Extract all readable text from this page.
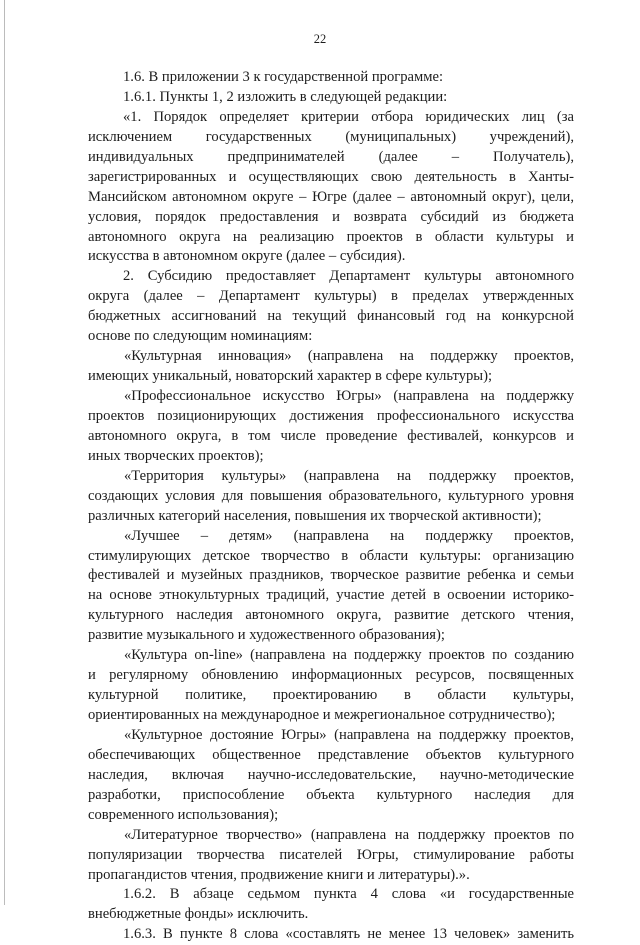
22
1.6. В приложении 3 к государственной программе:
1.6.1. Пункты 1, 2 изложить в следующей редакции:
«1. Порядок определяет критерии отбора юридических лиц (за
исключением государственных (муниципальных) учреждений),
индивидуальных предпринимателей (далее – Получатель),
зарегистрированных и осуществляющих свою деятельность в Ханты-
Мансийском автономном округе – Югре (далее – автономный округ), цели,
условия, порядок предоставления и возврата субсидий из бюджета
автономного округа на реализацию проектов в области культуры и
искусства в автономном округе (далее – субсидия).
2. Субсидию предоставляет Департамент культуры автономного
округа (далее – Департамент культуры) в пределах утвержденных
бюджетных ассигнований на текущий финансовый год на конкурсной
основе по следующим номинациям:
«Культурная инновация» (направлена на поддержку проектов,
имеющих уникальный, новаторский характер в сфере культуры);
«Профессиональное искусство Югры» (направлена на поддержку
проектов позиционирующих достижения профессионального искусства
автономного округа, в том числе проведение фестивалей, конкурсов и
иных творческих проектов);
«Территория культуры» (направлена на поддержку проектов,
создающих условия для повышения образовательного, культурного уровня
различных категорий населения, повышения их творческой активности);
«Лучшее – детям» (направлена на поддержку проектов,
стимулирующих детское творчество в области культуры: организацию
фестивалей и музейных праздников, творческое развитие ребенка и семьи
на основе этнокультурных традиций, участие детей в освоении историко-
культурного наследия автономного округа, развитие детского чтения,
развитие музыкального и художественного образования);
«Культура on-line» (направлена на поддержку проектов по созданию
и регулярному обновлению информационных ресурсов, посвященных
культурной политике, проектированию в области культуры,
ориентированных на международное и межрегиональное сотрудничество);
«Культурное достояние Югры» (направлена на поддержку проектов,
обеспечивающих общественное представление объектов культурного
наследия, включая научно-исследовательские, научно-методические
разработки, приспособление объекта культурного наследия для
современного использования);
«Литературное творчество» (направлена на поддержку проектов по
популяризации творчества писателей Югры, стимулирование работы
пропагандистов чтения, продвижение книги и литературы).».
1.6.2. В абзаце седьмом пункта 4 слова «и государственные
внебюджетные фонды» исключить.
1.6.3. В пункте 8 слова «составлять не менее 13 человек» заменить
